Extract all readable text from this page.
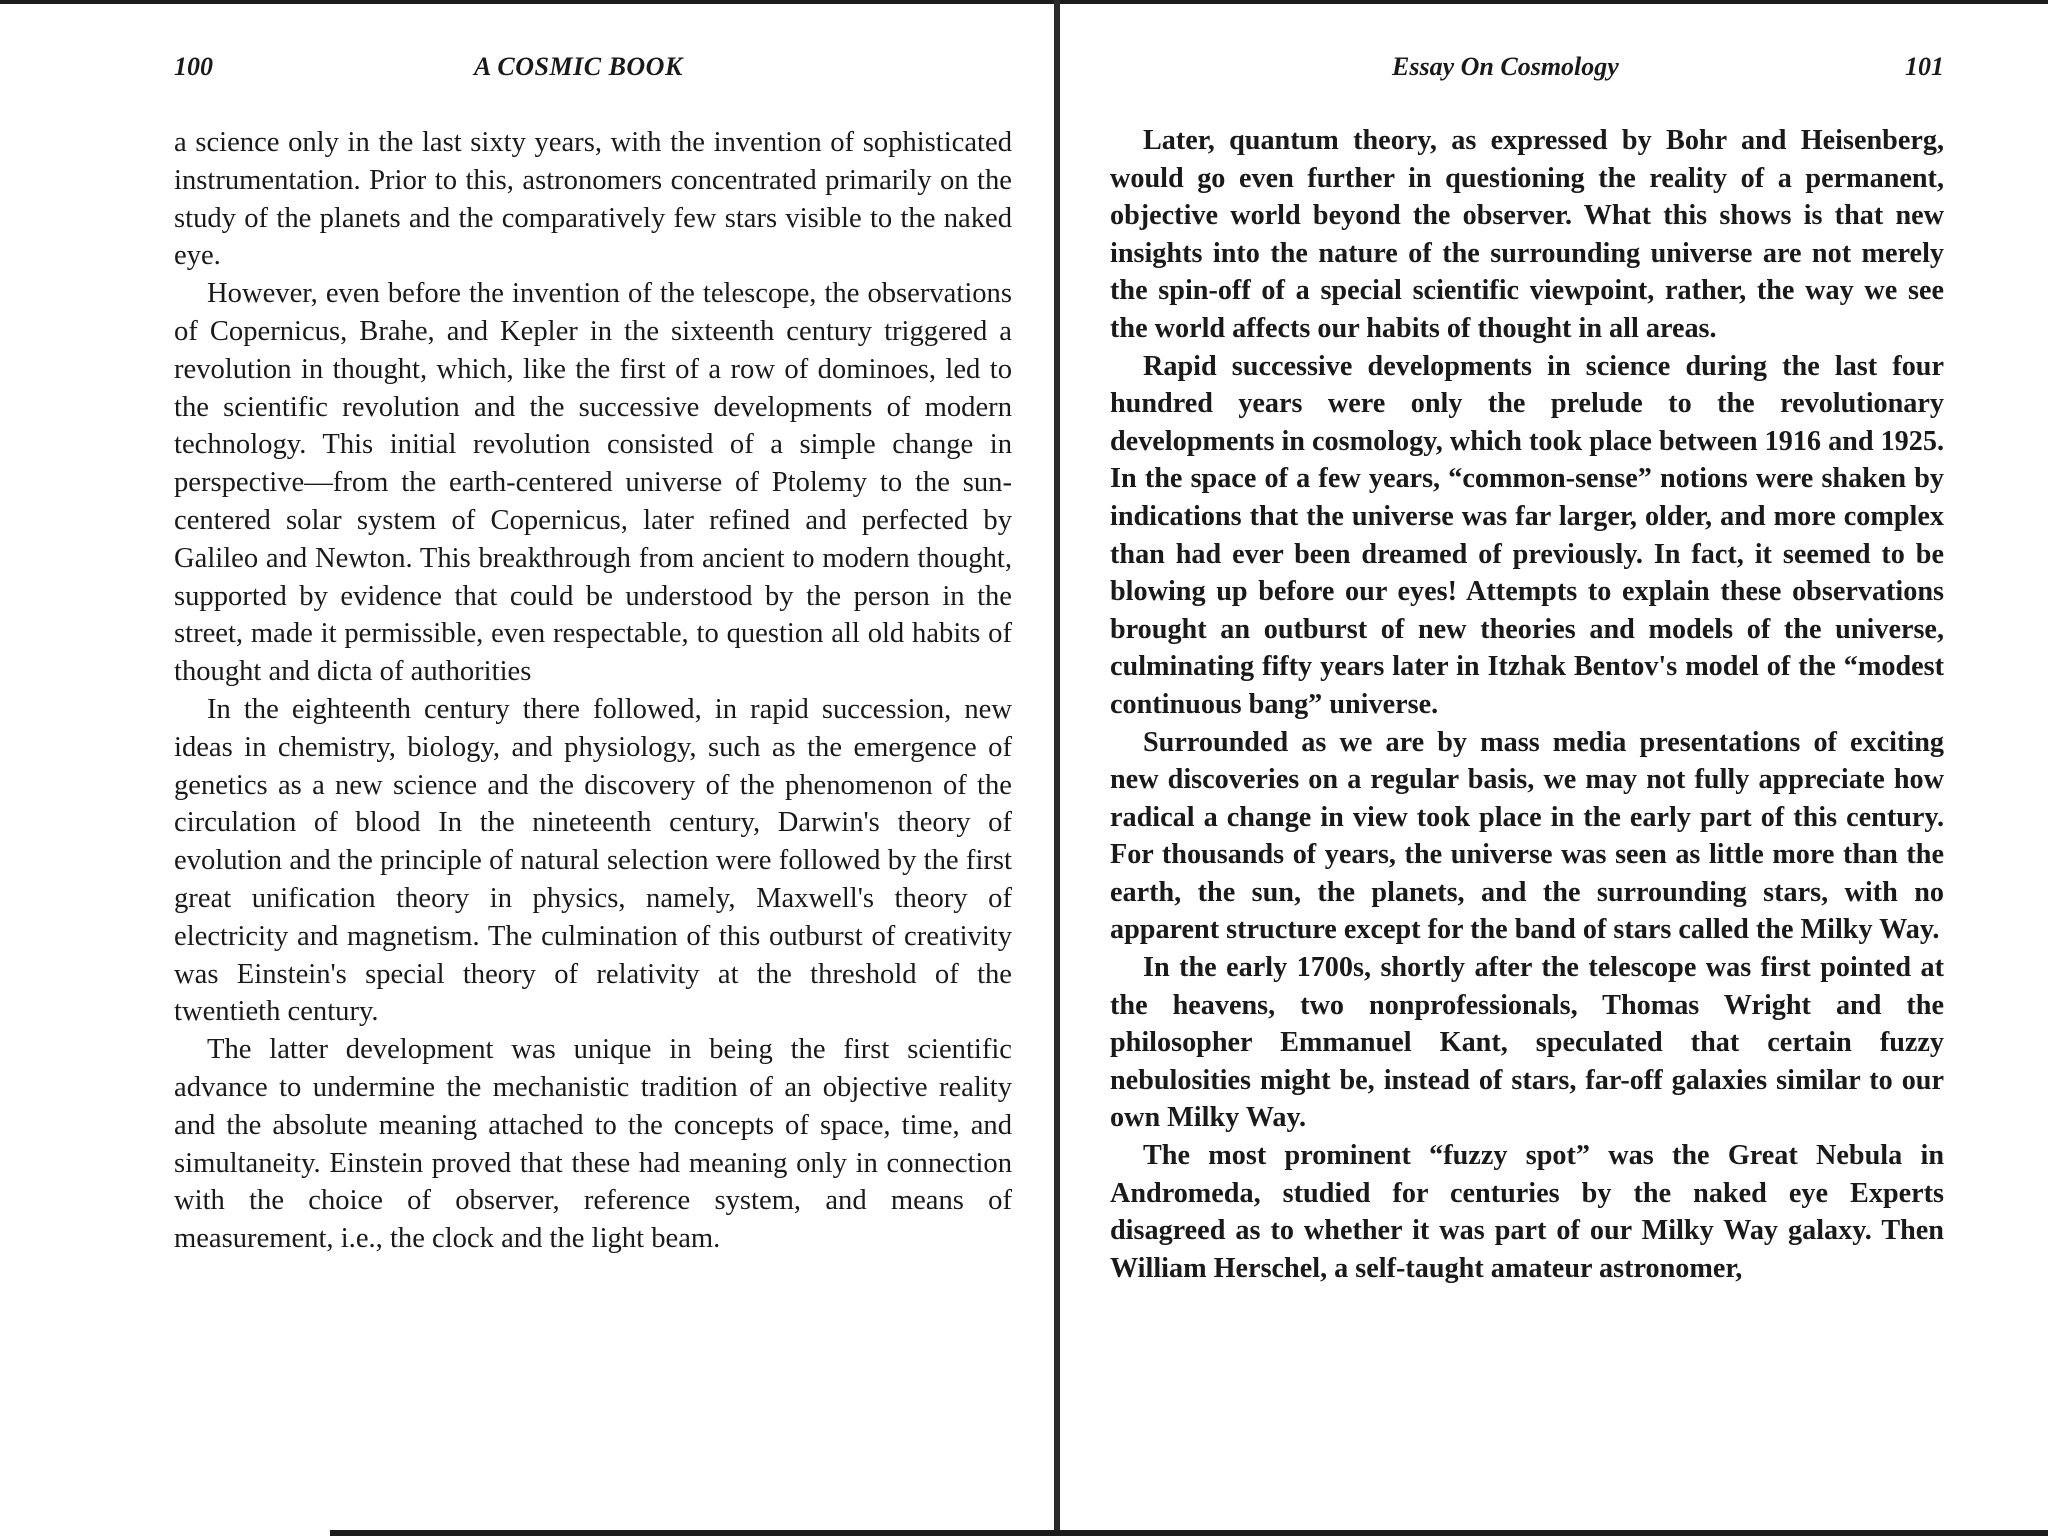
100	A COSMIC BOOK

a science only in the last sixty years, with the invention of sophisticated instrumentation. Prior to this, astronomers concentrated primarily on the study of the planets and the comparatively few stars visible to the naked eye.

However, even before the invention of the telescope, the observations of Copernicus, Brahe, and Kepler in the sixteenth century triggered a revolution in thought, which, like the first of a row of dominoes, led to the scientific revolution and the successive developments of modern technology. This initial revolution consisted of a simple change in perspective—from the earth-centered universe of Ptolemy to the sun-centered solar system of Copernicus, later refined and perfected by Galileo and Newton. This breakthrough from ancient to modern thought, supported by evidence that could be understood by the person in the street, made it permissible, even respectable, to question all old habits of thought and dicta of authorities

In the eighteenth century there followed, in rapid succession, new ideas in chemistry, biology, and physiology, such as the emergence of genetics as a new science and the discovery of the phenomenon of the circulation of blood In the nineteenth century, Darwin's theory of evolution and the principle of natural selection were followed by the first great unification theory in physics, namely, Maxwell's theory of electricity and magnetism. The culmination of this outburst of creativity was Einstein's special theory of relativity at the threshold of the twentieth century.

The latter development was unique in being the first scientific advance to undermine the mechanistic tradition of an objective reality and the absolute meaning attached to the concepts of space, time, and simultaneity. Einstein proved that these had meaning only in connection with the choice of observer, reference system, and means of measurement, i.e., the clock and the light beam.

Essay On Cosmology	101

Later, quantum theory, as expressed by Bohr and Heisenberg, would go even further in questioning the reality of a permanent, objective world beyond the observer. What this shows is that new insights into the nature of the surrounding universe are not merely the spin-off of a special scientific viewpoint, rather, the way we see the world affects our habits of thought in all areas.

Rapid successive developments in science during the last four hundred years were only the prelude to the revolutionary developments in cosmology, which took place between 1916 and 1925. In the space of a few years, “common-sense” notions were shaken by indications that the universe was far larger, older, and more complex than had ever been dreamed of previously. In fact, it seemed to be blowing up before our eyes! Attempts to explain these observations brought an outburst of new theories and models of the universe, culminating fifty years later in Itzhak Bentov's model of the “modest continuous bang” universe.

Surrounded as we are by mass media presentations of exciting new discoveries on a regular basis, we may not fully appreciate how radical a change in view took place in the early part of this century. For thousands of years, the universe was seen as little more than the earth, the sun, the planets, and the surrounding stars, with no apparent structure except for the band of stars called the Milky Way.

In the early 1700s, shortly after the telescope was first pointed at the heavens, two nonprofessionals, Thomas Wright and the philosopher Emmanuel Kant, speculated that certain fuzzy nebulosities might be, instead of stars, far-off galaxies similar to our own Milky Way.

The most prominent “fuzzy spot” was the Great Nebula in Andromeda, studied for centuries by the naked eye Experts disagreed as to whether it was part of our Milky Way galaxy. Then William Herschel, a self-taught amateur astronomer,
